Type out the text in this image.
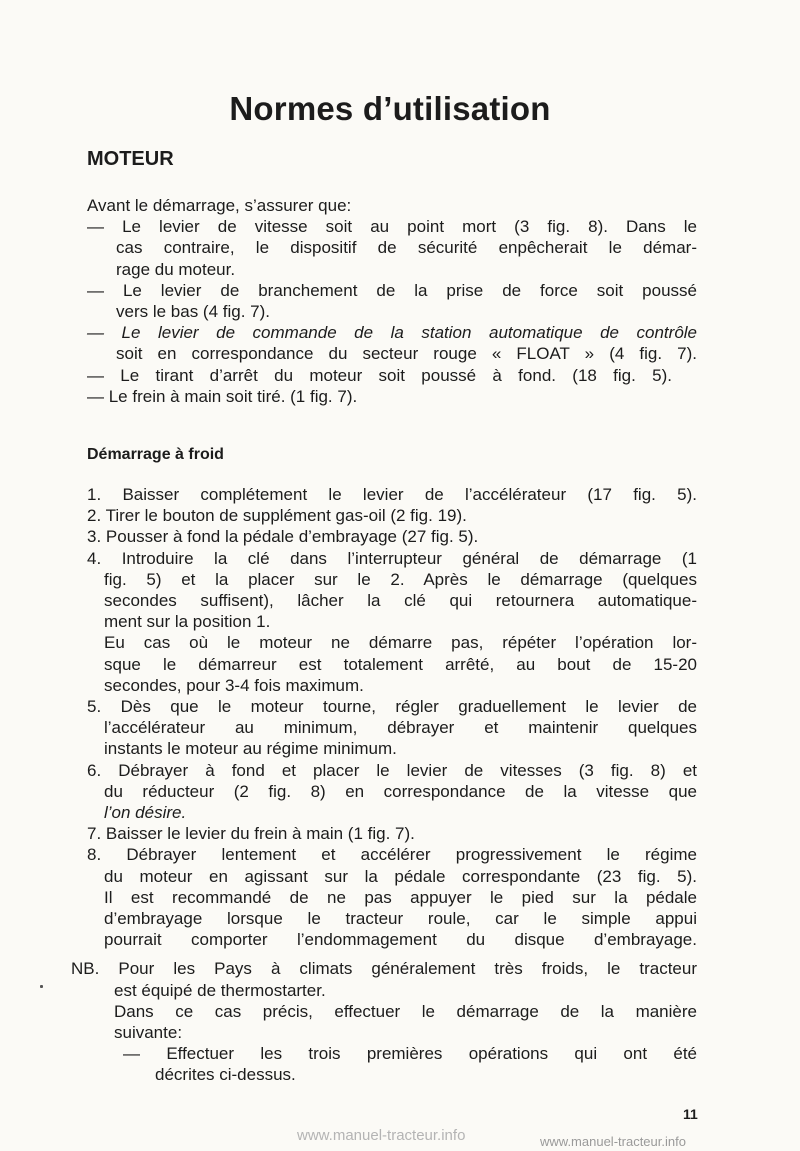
Normes d’utilisation
MOTEUR
Avant le démarrage, s’assurer que:
— Le levier de vitesse soit au point mort (3 fig. 8). Dans le
cas contraire, le dispositif de sécurité enpêcherait le démar-
rage du moteur.
— Le levier de branchement de la prise de force soit poussé
vers le bas (4 fig. 7).
— Le levier de commande de la station automatique de contrôle
soit en correspondance du secteur rouge « FLOAT » (4 fig. 7).
— Le tirant d’arrêt du moteur soit poussé à fond. (18 fig. 5).
— Le frein à main soit tiré. (1 fig. 7).
Démarrage à froid
1. Baisser complétement le levier de l’accélérateur (17 fig. 5).
2. Tirer le bouton de supplément gas-oil (2 fig. 19).
3. Pousser à fond la pédale d’embrayage (27 fig. 5).
4. Introduire la clé dans l’interrupteur général de démarrage (1
fig. 5) et la placer sur le 2. Après le démarrage (quelques
secondes suffisent), lâcher la clé qui retournera automatique-
ment sur la position 1.
Eu cas où le moteur ne démarre pas, répéter l’opération lor-
sque le démarreur est totalement arrêté, au bout de 15-20
secondes, pour 3-4 fois maximum.
5. Dès que le moteur tourne, régler graduellement le levier de
l’accélérateur au minimum, débrayer et maintenir quelques
instants le moteur au régime minimum.
6. Débrayer à fond et placer le levier de vitesses (3 fig. 8) et
du réducteur (2 fig. 8) en correspondance de la vitesse que
l’on désire.
7. Baisser le levier du frein à main (1 fig. 7).
8. Débrayer lentement et accélérer progressivement le régime
du moteur en agissant sur la pédale correspondante (23 fig. 5).
Il est recommandé de ne pas appuyer le pied sur la pédale
d’embrayage lorsque le tracteur roule, car le simple appui
pourrait comporter l’endommagement du disque d’embrayage.
NB. Pour les Pays à climats généralement très froids, le tracteur
est équipé de thermostarter.
Dans ce cas précis, effectuer le démarrage de la manière
suivante:
— Effectuer les trois premières opérations qui ont été
décrites ci-dessus.
11
www.manuel-tracteur.info	www.manuel-tracteur.info
